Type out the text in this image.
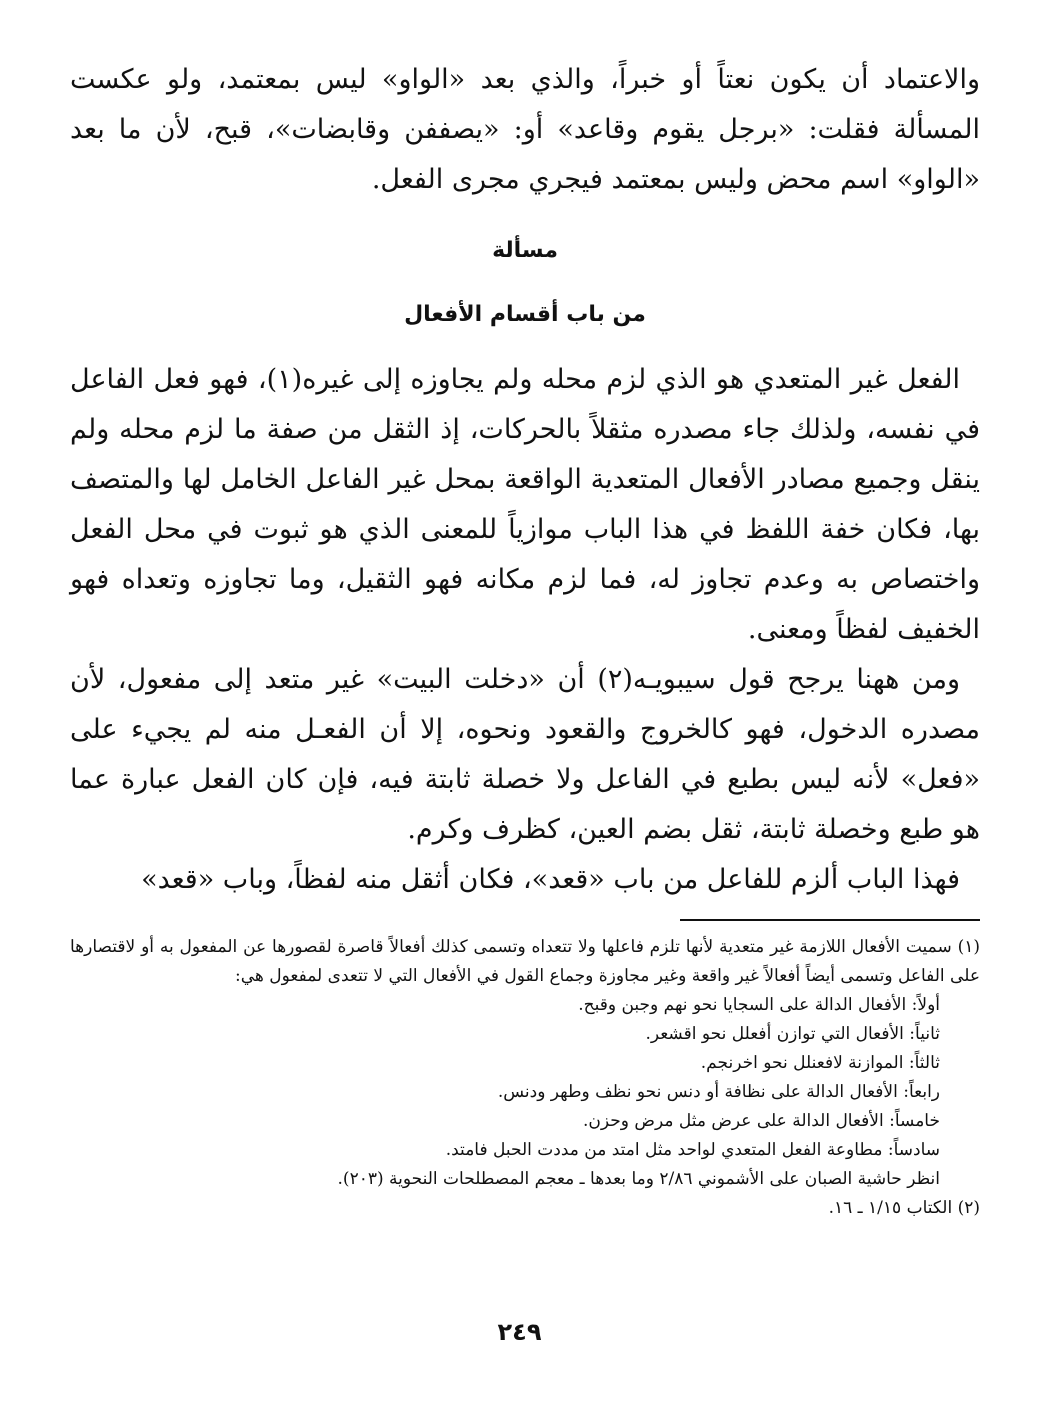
والاعتماد أن يكون نعتاً أو خبراً، والذي بعد «الواو» ليس بمعتمد، ولو عكست المسألة فقلت: «برجل يقوم وقاعد» أو: «يصففن وقابضات»، قبح، لأن ما بعد «الواو» اسم محض وليس بمعتمد فيجري مجرى الفعل.

مسألة

من باب أقسام الأفعال

الفعل غير المتعدي هو الذي لزم محله ولم يجاوزه إلى غيره(١)، فهو فعل الفاعل في نفسه، ولذلك جاء مصدره مثقلاً بالحركات، إذ الثقل من صفة ما لزم محله ولم ينقل وجميع مصادر الأفعال المتعدية الواقعة بمحل غير الفاعل الخامل لها والمتصف بها، فكان خفة اللفظ في هذا الباب موازياً للمعنى الذي هو ثبوت في محل الفعل واختصاص به وعدم تجاوز له، فما لزم مكانه فهو الثقيل، وما تجاوزه وتعداه فهو الخفيف لفظاً ومعنى.

ومن ههنا يرجح قول سيبويـه(٢) أن «دخلت البيت» غير متعد إلى مفعول، لأن مصدره الدخول، فهو كالخروج والقعود ونحوه، إلا أن الفعـل منه لم يجيء على «فعل» لأنه ليس بطبع في الفاعل ولا خصلة ثابتة فيه، فإن كان الفعل عبارة عما هو طبع وخصلة ثابتة، ثقل بضم العين، كظرف وكرم.

فهذا الباب ألزم للفاعل من باب «قعد»، فكان أثقل منه لفظاً، وباب «قعد»

(١) سميت الأفعال اللازمة غير متعدية لأنها تلزم فاعلها ولا تتعداه وتسمى كذلك أفعالاً قاصرة لقصورها عن المفعول به أو لاقتصارها على الفاعل وتسمى أيضاً أفعالاً غير واقعة وغير مجاوزة وجماع القول في الأفعال التي لا تتعدى لمفعول هي:

أولاً: الأفعال الدالة على السجايا نحو نهم وجبن وقبح.

ثانياً: الأفعال التي توازن أفعلل نحو اقشعر.

ثالثاً: الموازنة لافعنلل نحو اخرنجم.

رابعاً: الأفعال الدالة على نظافة أو دنس نحو نظف وطهر ودنس.

خامساً: الأفعال الدالة على عرض مثل مرض وحزن.

سادساً: مطاوعة الفعل المتعدي لواحد مثل امتد من مددت الحبل فامتد.

انظر حاشية الصبان على الأشموني ٢/٨٦ وما بعدها ـ معجم المصطلحات النحوية (٢٠٣).

(٢) الكتاب ١/١٥ ـ ١٦.

٢٤٩
